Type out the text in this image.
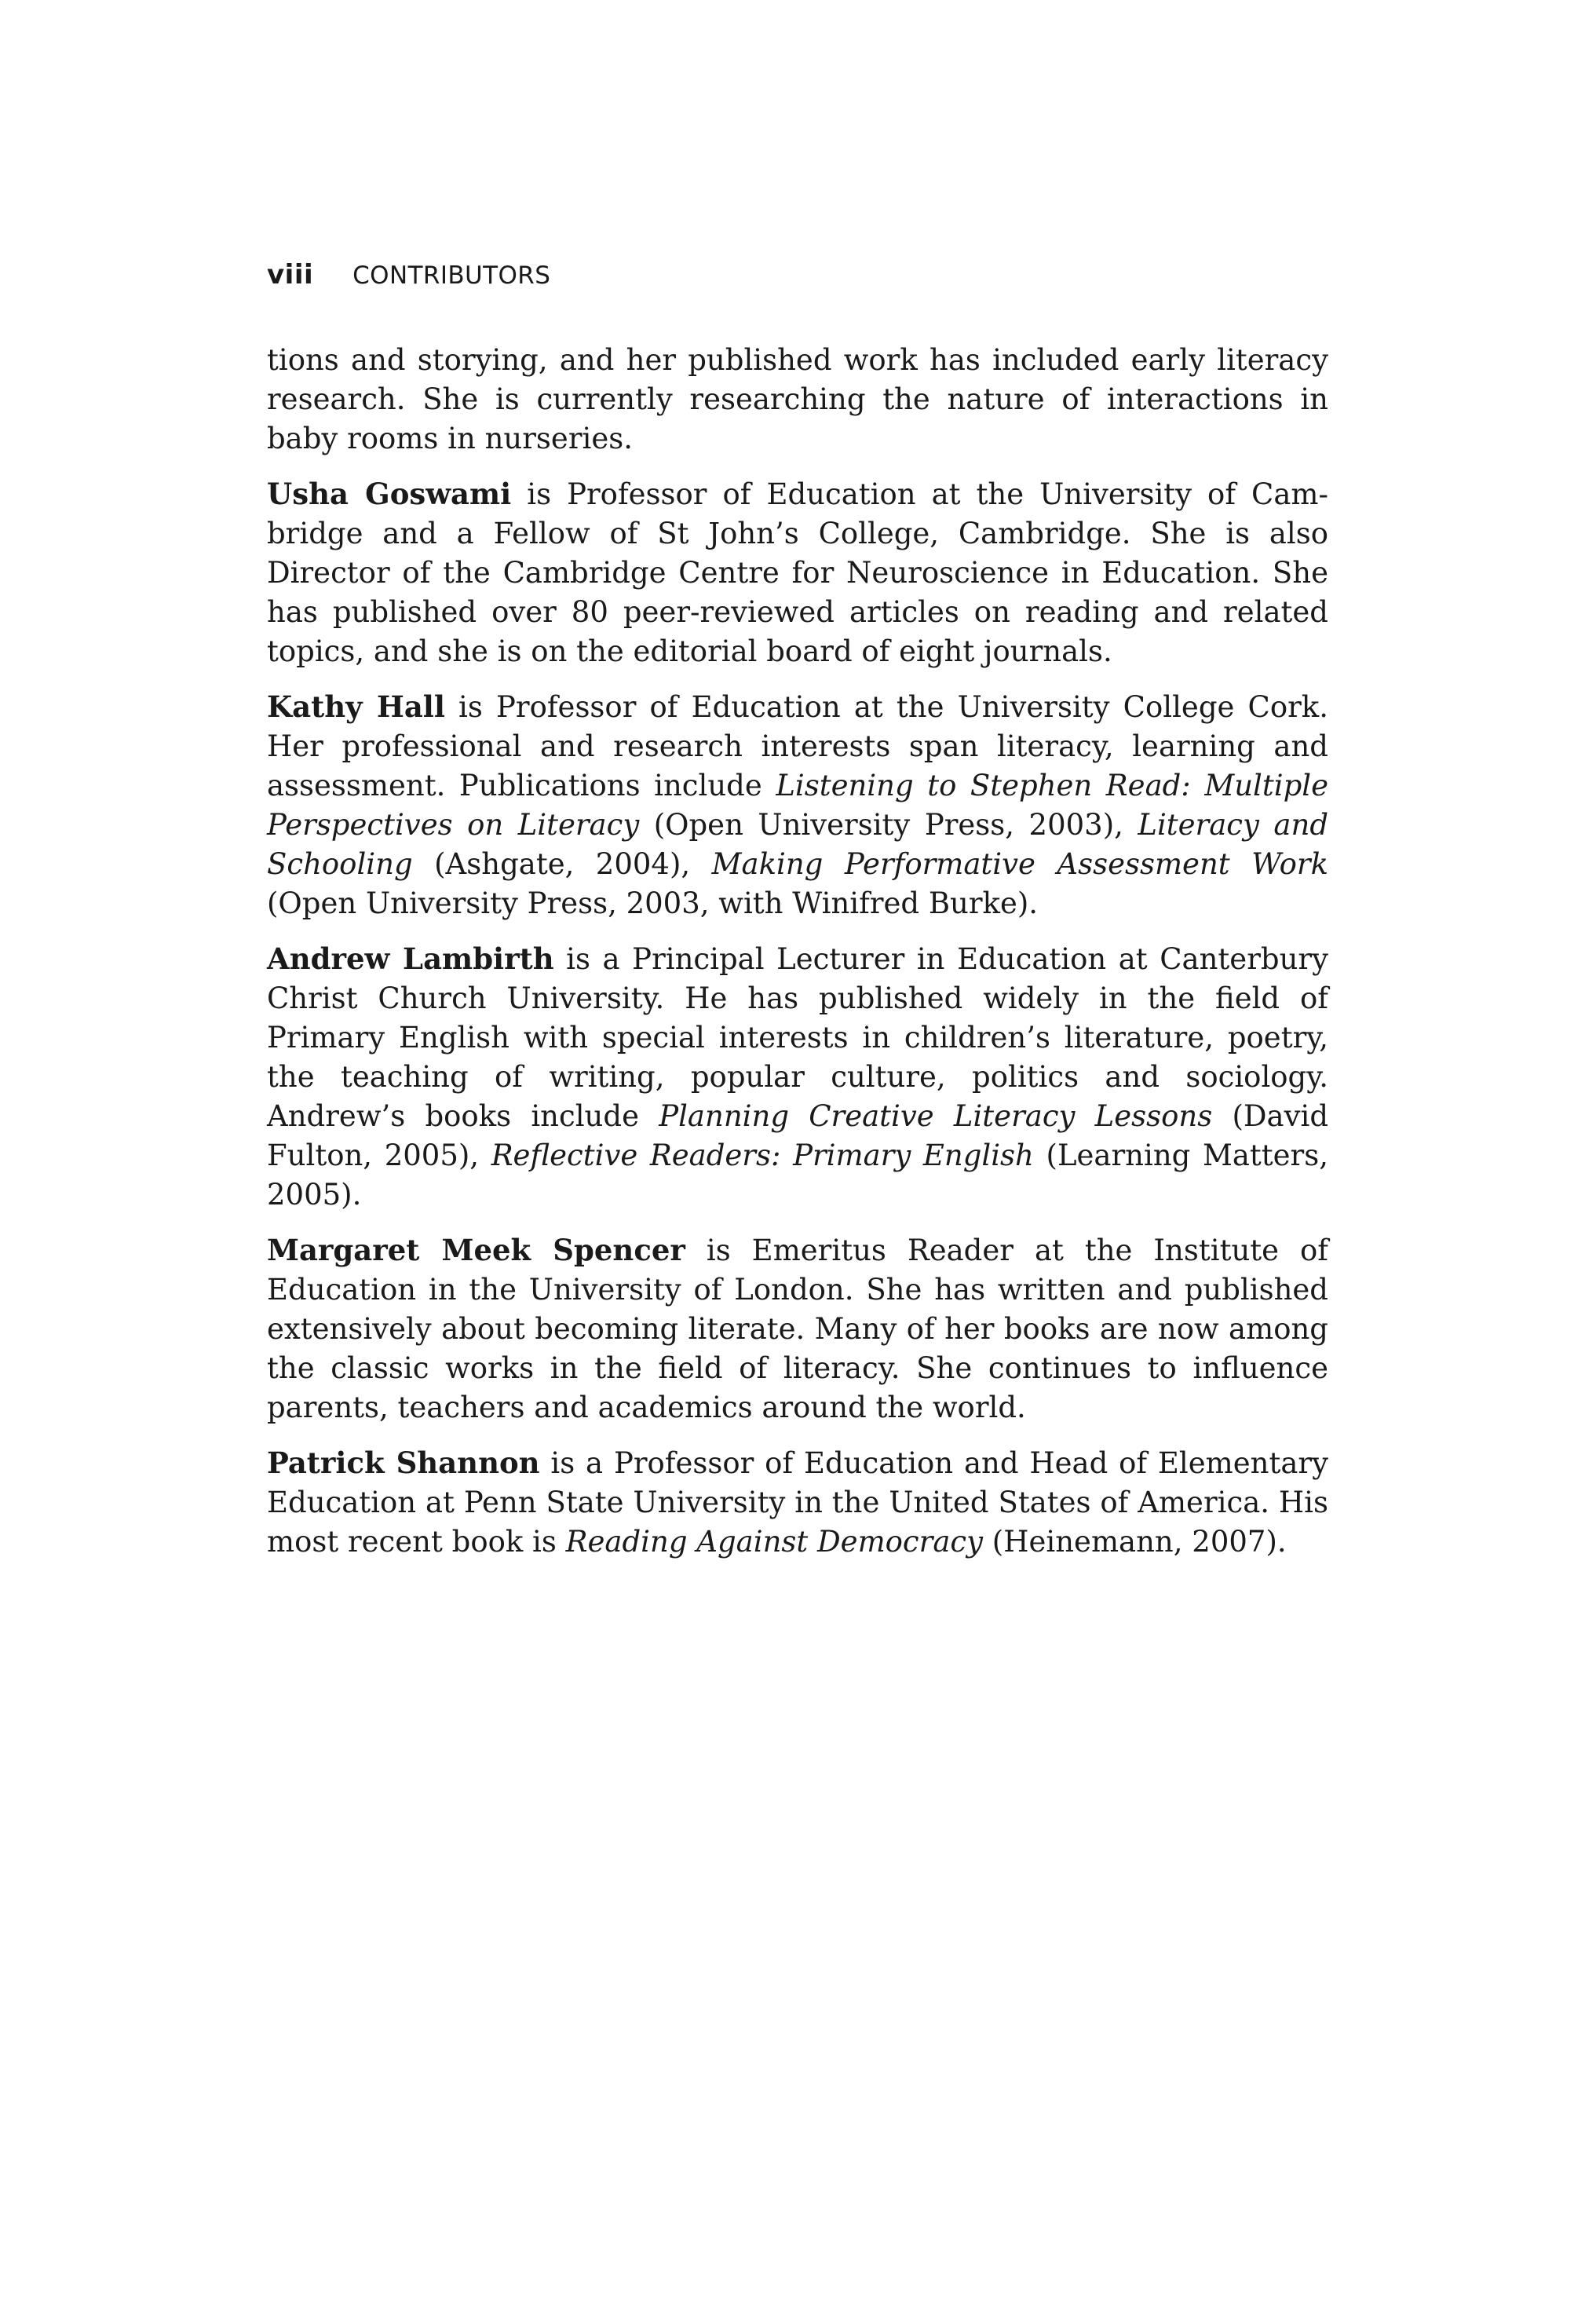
viii CONTRIBUTORS

tions and storying, and her published work has included early literacy research. She is currently researching the nature of interactions in baby rooms in nurseries.

Usha Goswami is Professor of Education at the University of Cambridge and a Fellow of St John’s College, Cambridge. She is also Director of the Cambridge Centre for Neuroscience in Education. She has published over 80 peer-reviewed articles on reading and related topics, and she is on the editorial board of eight journals.

Kathy Hall is Professor of Education at the University College Cork. Her professional and research interests span literacy, learning and assessment. Publications include Listening to Stephen Read: Multiple Perspectives on Literacy (Open University Press, 2003), Literacy and Schooling (Ashgate, 2004), Making Performative Assessment Work (Open University Press, 2003, with Winifred Burke).

Andrew Lambirth is a Principal Lecturer in Education at Canterbury Christ Church University. He has published widely in the field of Primary English with special interests in children’s literature, poetry, the teaching of writing, popular culture, politics and sociology. Andrew’s books include Planning Creative Literacy Lessons (David Fulton, 2005), Reflective Readers: Primary English (Learning Matters, 2005).

Margaret Meek Spencer is Emeritus Reader at the Institute of Education in the University of London. She has written and published extensively about becoming literate. Many of her books are now among the classic works in the field of literacy. She continues to influence parents, teachers and academics around the world.

Patrick Shannon is a Professor of Education and Head of Elementary Education at Penn State University in the United States of America. His most recent book is Reading Against Democracy (Heinemann, 2007).
